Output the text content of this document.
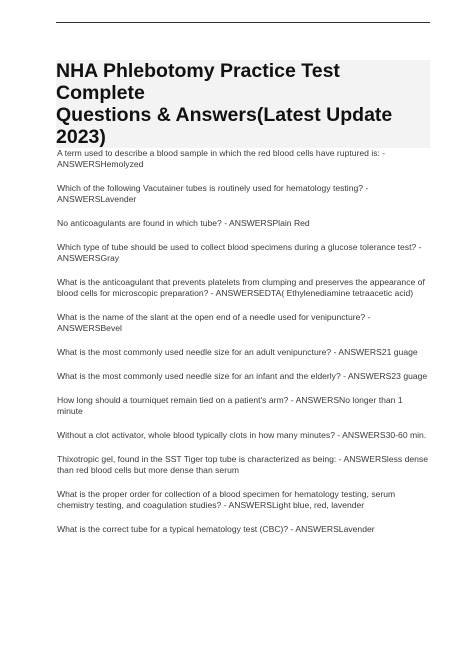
NHA Phlebotomy Practice Test Complete
Questions & Answers(Latest Update
2023)
A term used to describe a blood sample in which the red blood cells have ruptured is: - ANSWERSHemolyzed
Which of the following Vacutainer tubes is routinely used for hematology testing? - ANSWERSLavender
No anticoagulants are found in which tube? - ANSWERSPlain Red
Which type of tube should be used to collect blood specimens during a glucose tolerance test? - ANSWERSGray
What is the anticoagulant that prevents platelets from clumping and preserves the appearance of blood cells for microscopic preparation? - ANSWERSEDTA( Ethylenediamine tetraacetic acid)
What is the name of the slant at the open end of a needle used for venipuncture? - ANSWERSBevel
What is the most commonly used needle size for an adult venipuncture? - ANSWERS21 guage
What is the most commonly used needle size for an infant and the elderly? - ANSWERS23 guage
How long should a tourniquet remain tied on a patient's arm? - ANSWERSNo longer than 1 minute
Without a clot activator, whole blood typically clots in how many minutes? - ANSWERS30-60 min.
Thixotropic gel, found in the SST Tiger top tube is characterized as being: - ANSWERSless dense than red blood cells but more dense than serum
What is the proper order for collection of a blood specimen for hematology testing, serum chemistry testing, and coagulation studies? - ANSWERSLight blue, red, lavender
What is the correct tube for a typical hematology test (CBC)? - ANSWERSLavender
